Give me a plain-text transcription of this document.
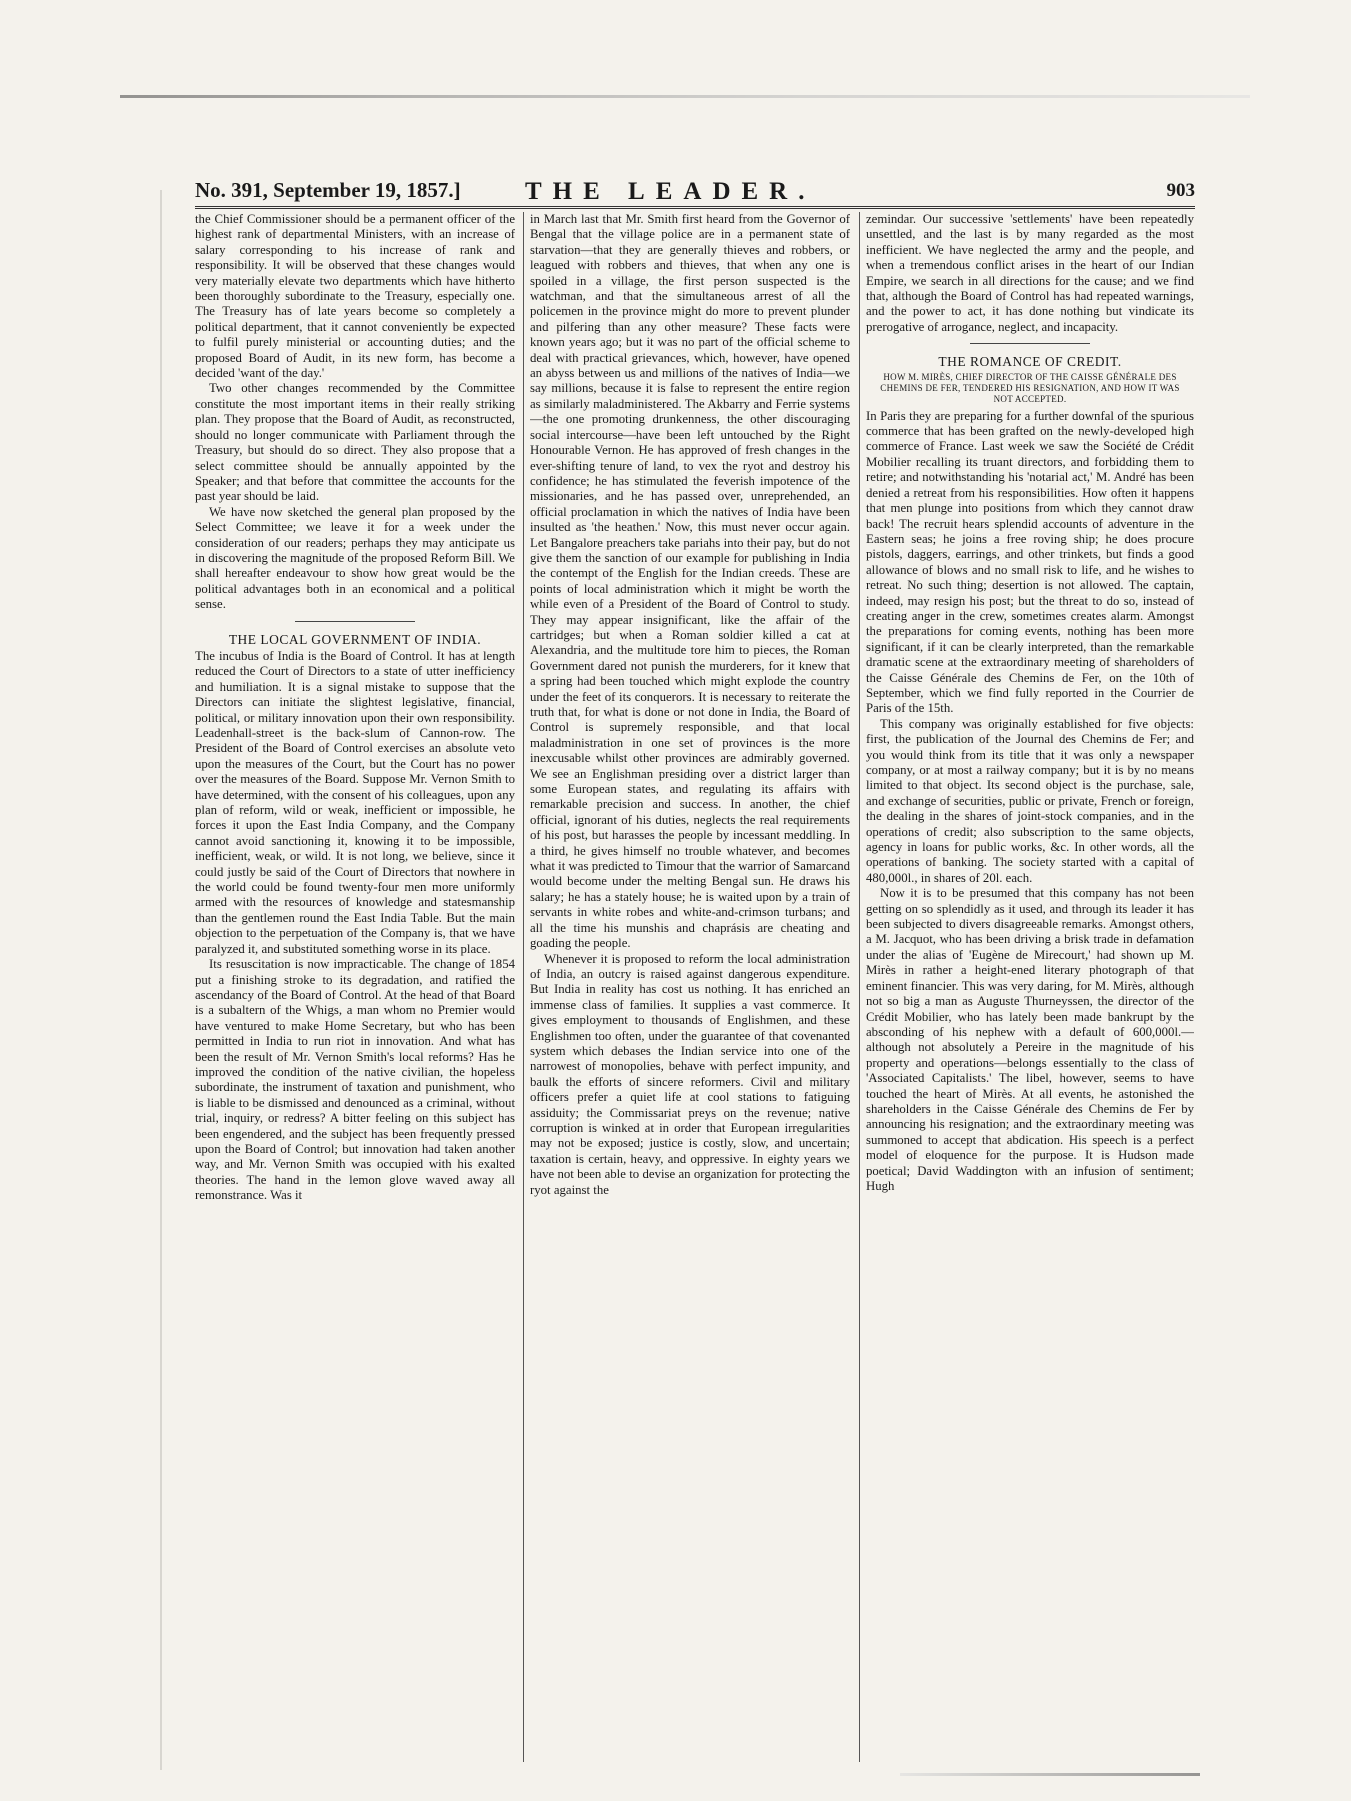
No. 391, September 19, 1857.]	THE LEADER.	903

the Chief Commissioner should be a permanent officer of the highest rank of departmental Ministers, with an increase of salary corresponding to his increase of rank and responsibility. It will be observed that these changes would very materially elevate two departments which have hitherto been thoroughly subordinate to the Treasury, especially one. The Treasury has of late years become so completely a political department, that it cannot conveniently be expected to fulfil purely ministerial or accounting duties; and the proposed Board of Audit, in its new form, has become a decided 'want of the day.'

Two other changes recommended by the Committee constitute the most important items in their really striking plan. They propose that the Board of Audit, as reconstructed, should no longer communicate with Parliament through the Treasury, but should do so direct. They also propose that a select committee should be annually appointed by the Speaker; and that before that committee the accounts for the past year should be laid.

We have now sketched the general plan proposed by the Select Committee; we leave it for a week under the consideration of our readers; perhaps they may anticipate us in discovering the magnitude of the proposed Reform Bill. We shall hereafter endeavour to show how great would be the political advantages both in an economical and a political sense.

THE LOCAL GOVERNMENT OF INDIA.

The incubus of India is the Board of Control. It has at length reduced the Court of Directors to a state of utter inefficiency and humiliation. It is a signal mistake to suppose that the Directors can initiate the slightest legislative, financial, political, or military innovation upon their own responsibility. Leadenhall-street is the back-slum of Cannon-row. The President of the Board of Control exercises an absolute veto upon the measures of the Court, but the Court has no power over the measures of the Board. Suppose Mr. Vernon Smith to have determined, with the consent of his colleagues, upon any plan of reform, wild or weak, inefficient or impossible, he forces it upon the East India Company, and the Company cannot avoid sanctioning it, knowing it to be impossible, inefficient, weak, or wild. It is not long, we believe, since it could justly be said of the Court of Directors that nowhere in the world could be found twenty-four men more uniformly armed with the resources of knowledge and statesmanship than the gentlemen round the East India Table. But the main objection to the perpetuation of the Company is, that we have paralyzed it, and substituted something worse in its place.

Its resuscitation is now impracticable. The change of 1854 put a finishing stroke to its degradation, and ratified the ascendancy of the Board of Control. At the head of that Board is a subaltern of the Whigs, a man whom no Premier would have ventured to make Home Secretary, but who has been permitted in India to run riot in innovation. And what has been the result of Mr. Vernon Smith's local reforms? Has he improved the condition of the native civilian, the hopeless subordinate, the instrument of taxation and punishment, who is liable to be dismissed and denounced as a criminal, without trial, inquiry, or redress? A bitter feeling on this subject has been engendered, and the subject has been frequently pressed upon the Board of Control; but innovation had taken another way, and Mr. Vernon Smith was occupied with his exalted theories. The hand in the lemon glove waved away all remonstrance. Was it

in March last that Mr. Smith first heard from the Governor of Bengal that the village police are in a permanent state of starvation—that they are generally thieves and robbers, or leagued with robbers and thieves, that when any one is spoiled in a village, the first person suspected is the watchman, and that the simultaneous arrest of all the policemen in the province might do more to prevent plunder and pilfering than any other measure? These facts were known years ago; but it was no part of the official scheme to deal with practical grievances, which, however, have opened an abyss between us and millions of the natives of India—we say millions, because it is false to represent the entire region as similarly maladministered. The Akbarry and Ferrie systems—the one promoting drunkenness, the other discouraging social intercourse—have been left untouched by the Right Honourable Vernon. He has approved of fresh changes in the ever-shifting tenure of land, to vex the ryot and destroy his confidence; he has stimulated the feverish impotence of the missionaries, and he has passed over, unreprehended, an official proclamation in which the natives of India have been insulted as 'the heathen.' Now, this must never occur again. Let Bangalore preachers take pariahs into their pay, but do not give them the sanction of our example for publishing in India the contempt of the English for the Indian creeds. These are points of local administration which it might be worth the while even of a President of the Board of Control to study. They may appear insignificant, like the affair of the cartridges; but when a Roman soldier killed a cat at Alexandria, and the multitude tore him to pieces, the Roman Government dared not punish the murderers, for it knew that a spring had been touched which might explode the country under the feet of its conquerors. It is necessary to reiterate the truth that, for what is done or not done in India, the Board of Control is supremely responsible, and that local maladministration in one set of provinces is the more inexcusable whilst other provinces are admirably governed. We see an Englishman presiding over a district larger than some European states, and regulating its affairs with remarkable precision and success. In another, the chief official, ignorant of his duties, neglects the real requirements of his post, but harasses the people by incessant meddling. In a third, he gives himself no trouble whatever, and becomes what it was predicted to Timour that the warrior of Samarcand would become under the melting Bengal sun. He draws his salary; he has a stately house; he is waited upon by a train of servants in white robes and white-and-crimson turbans; and all the time his munshis and chaprásis are cheating and goading the people.

Whenever it is proposed to reform the local administration of India, an outcry is raised against dangerous expenditure. But India in reality has cost us nothing. It has enriched an immense class of families. It supplies a vast commerce. It gives employment to thousands of Englishmen, and these Englishmen too often, under the guarantee of that covenanted system which debases the Indian service into one of the narrowest of monopolies, behave with perfect impunity, and baulk the efforts of sincere reformers. Civil and military officers prefer a quiet life at cool stations to fatiguing assiduity; the Commissariat preys on the revenue; native corruption is winked at in order that European irregularities may not be exposed; justice is costly, slow, and uncertain; taxation is certain, heavy, and oppressive. In eighty years we have not been able to devise an organization for protecting the ryot against the

zemindar. Our successive 'settlements' have been repeatedly unsettled, and the last is by many regarded as the most inefficient. We have neglected the army and the people, and when a tremendous conflict arises in the heart of our Indian Empire, we search in all directions for the cause; and we find that, although the Board of Control has had repeated warnings, and the power to act, it has done nothing but vindicate its prerogative of arrogance, neglect, and incapacity.

THE ROMANCE OF CREDIT.
HOW M. MIRÈS, CHIEF DIRECTOR OF THE CAISSE GÉNÉRALE DES CHEMINS DE FER, TENDERED HIS RESIGNATION, AND HOW IT WAS NOT ACCEPTED.

In Paris they are preparing for a further downfal of the spurious commerce that has been grafted on the newly-developed high commerce of France. Last week we saw the Société de Crédit Mobilier recalling its truant directors, and forbidding them to retire; and notwithstanding his 'notarial act,' M. André has been denied a retreat from his responsibilities. How often it happens that men plunge into positions from which they cannot draw back! The recruit hears splendid accounts of adventure in the Eastern seas; he joins a free roving ship; he does procure pistols, daggers, earrings, and other trinkets, but finds a good allowance of blows and no small risk to life, and he wishes to retreat. No such thing; desertion is not allowed. The captain, indeed, may resign his post; but the threat to do so, instead of creating anger in the crew, sometimes creates alarm. Amongst the preparations for coming events, nothing has been more significant, if it can be clearly interpreted, than the remarkable dramatic scene at the extraordinary meeting of shareholders of the Caisse Générale des Chemins de Fer, on the 10th of September, which we find fully reported in the Courrier de Paris of the 15th.

This company was originally established for five objects: first, the publication of the Journal des Chemins de Fer; and you would think from its title that it was only a newspaper company, or at most a railway company; but it is by no means limited to that object. Its second object is the purchase, sale, and exchange of securities, public or private, French or foreign, the dealing in the shares of joint-stock companies, and in the operations of credit; also subscription to the same objects, agency in loans for public works, &c. In other words, all the operations of banking. The society started with a capital of 480,000l., in shares of 20l. each.

Now it is to be presumed that this company has not been getting on so splendidly as it used, and through its leader it has been subjected to divers disagreeable remarks. Amongst others, a M. Jacquot, who has been driving a brisk trade in defamation under the alias of 'Eugène de Mirecourt,' had shown up M. Mirès in rather a height-ened literary photograph of that eminent financier. This was very daring, for M. Mirès, although not so big a man as Auguste Thurneyssen, the director of the Crédit Mobilier, who has lately been made bankrupt by the absconding of his nephew with a default of 600,000l.—although not absolutely a Pereire in the magnitude of his property and operations—belongs essentially to the class of 'Associated Capitalists.' The libel, however, seems to have touched the heart of Mirès. At all events, he astonished the shareholders in the Caisse Générale des Chemins de Fer by announcing his resignation; and the extraordinary meeting was summoned to accept that abdication. His speech is a perfect model of eloquence for the purpose. It is Hudson made poetical; David Waddington with an infusion of sentiment; Hugh
